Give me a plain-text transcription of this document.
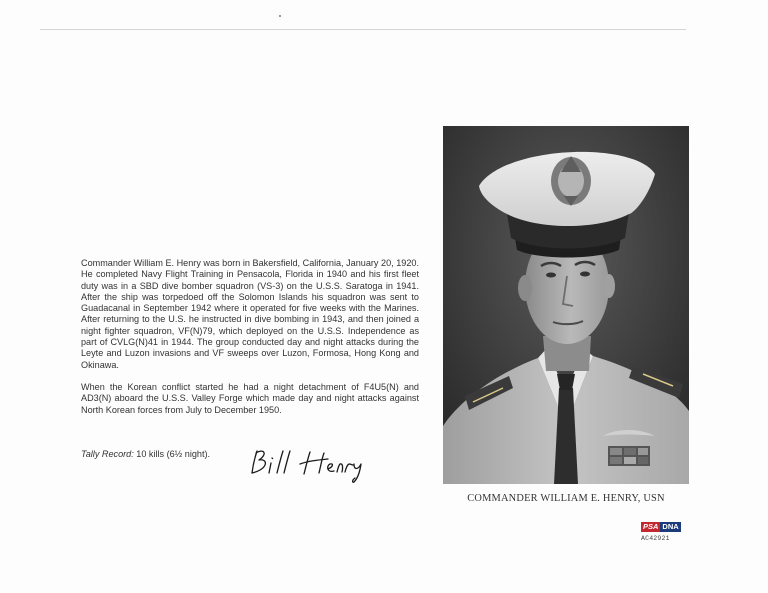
Commander William E. Henry was born in Bakersfield, California, January 20, 1920. He completed Navy Flight Training in Pensacola, Florida in 1940 and his first fleet duty was in a SBD dive bomber squadron (VS-3) on the U.S.S. Saratoga in 1941. After the ship was torpedoed off the Solomon Islands his squadron was sent to Guadacanal in September 1942 where it operated for five weeks with the Marines. After returning to the U.S. he instructed in dive bombing in 1943, and then joined a night fighter squadron, VF(N)79, which deployed on the U.S.S. Independence as part of CVLG(N)41 in 1944. The group conducted day and night attacks during the Leyte and Luzon invasions and VF sweeps over Luzon, Formosa, Hong Kong and Okinawa.

When the Korean conflict started he had a night detachment of F4U5(N) and AD3(N) aboard the U.S.S. Valley Forge which made day and night attacks against North Korean forces from July to December 1950.

Tally Record: 10 kills (6½ night).
COMMANDER WILLIAM E. HENRY, USN
PSA DNA
AC42921
